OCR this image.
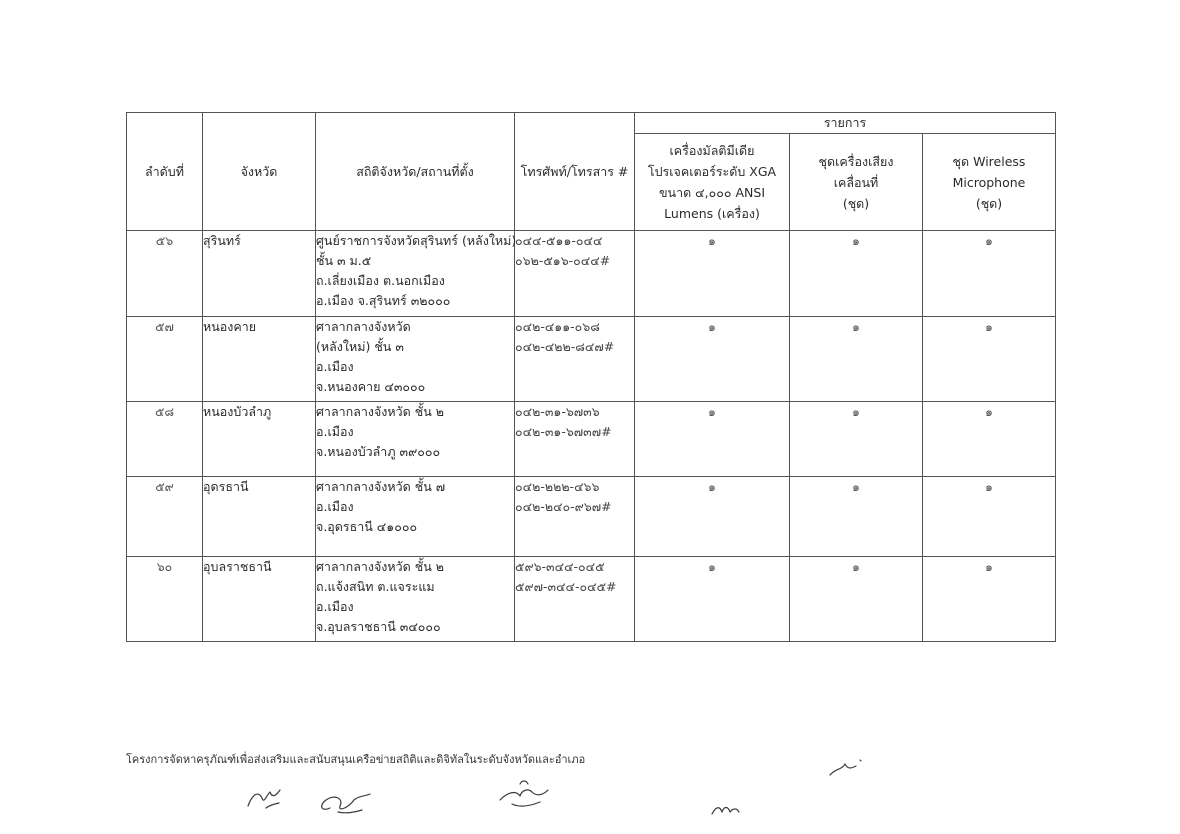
ลำดับที่	จังหวัด	สถิติจังหวัด/สถานที่ตั้ง	โทรศัพท์/โทรสาร #	รายการ		

				เครื่องมัลติมีเดีย
โปรเจคเตอร์ระดับ XGA
ขนาด ๔,๐๐๐ ANSI
Lumens (เครื่อง)	ชุดเครื่องเสียง
เคลื่อนที่
(ชุด)	ชุด Wireless
Microphone
(ชุด)

๕๖	สุรินทร์	ศูนย์ราชการจังหวัดสุรินทร์ (หลังใหม่)
ชั้น ๓ ม.๕
ถ.เลี่ยงเมือง ต.นอกเมือง
อ.เมือง จ.สุรินทร์ ๓๒๐๐๐	๐๔๔-๕๑๑-๐๔๔
๐๖๒-๕๑๖-๐๔๔#	๑	๑	๑
๕๗	หนองคาย	ศาลากลางจังหวัด
(หลังใหม่) ชั้น ๓
อ.เมือง
จ.หนองคาย ๔๓๐๐๐	๐๔๒-๔๑๑-๐๖๘
๐๔๒-๔๒๒-๘๔๗#	๑	๑	๑
๕๘	หนองบัวลำภู	ศาลากลางจังหวัด ชั้น ๒
อ.เมือง
จ.หนองบัวลำภู ๓๙๐๐๐	๐๔๒-๓๑-๖๗๓๖
๐๔๒-๓๑-๖๗๓๗#	๑	๑	๑
๕๙	อุดรธานี	ศาลากลางจังหวัด ชั้น ๗
อ.เมือง
จ.อุดรธานี ๔๑๐๐๐	๐๔๒-๒๒๒-๔๖๖
๐๔๒-๒๔๐-๙๖๗#	๑	๑	๑
๖๐	อุบลราชธานี	ศาลากลางจังหวัด ชั้น ๒
ถ.แจ้งสนิท ต.แจระแม
อ.เมือง
จ.อุบลราชธานี ๓๔๐๐๐	๕๙๖-๓๔๔-๐๔๕
๕๙๗-๓๔๔-๐๔๕#	๑	๑	๑
โครงการจัดหาครุภัณฑ์เพื่อส่งเสริมและสนับสนุนเครือข่ายสถิติและดิจิทัลในระดับจังหวัดและอำเภอ
